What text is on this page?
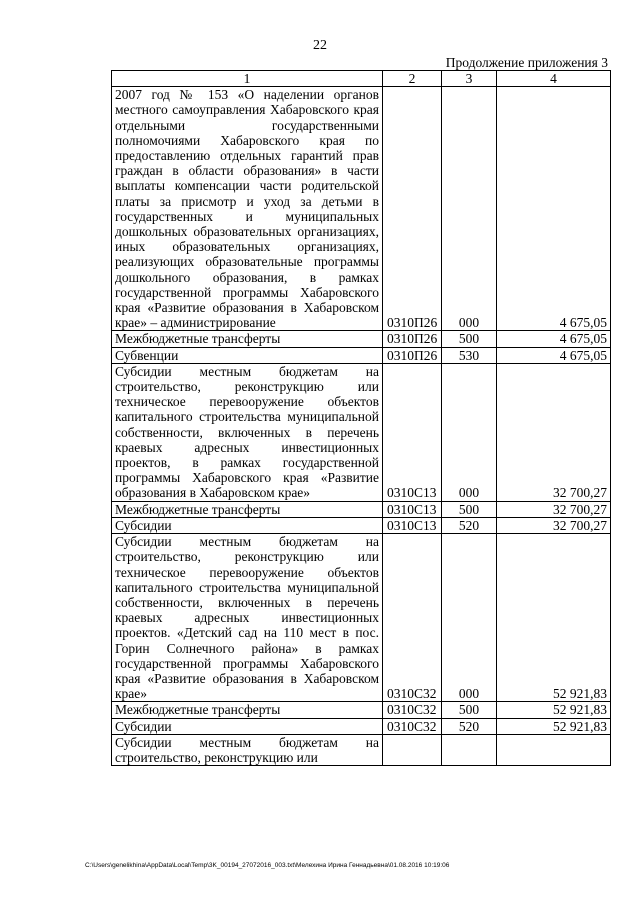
22
Продолжение приложения 3
1	2	3	4
2007 год № 153 «О наделении органов местного самоуправления Хабаровского края отдельными государственными полномочиями Хабаровского края по предоставлению отдельных гарантий прав граждан в области образования» в части выплаты компенсации части родительской платы за присмотр и уход за детьми в государственных и муниципальных дошкольных образовательных организациях, иных образовательных организациях, реализующих образовательные программы дошкольного образования, в рамках государственной программы Хабаровского края «Развитие образования в Хабаровском крае» – администрирование	0310П26	000	4 675,05
Межбюджетные трансферты	0310П26	500	4 675,05
Субвенции	0310П26	530	4 675,05
Субсидии местным бюджетам на строительство, реконструкцию или техническое перевооружение объектов капитального строительства муниципальной собственности, включенных в перечень краевых адресных инвестиционных проектов, в рамках государственной программы Хабаровского края «Развитие образования в Хабаровском крае»	0310С13	000	32 700,27
Межбюджетные трансферты	0310С13	500	32 700,27
Субсидии	0310С13	520	32 700,27
Субсидии местным бюджетам на строительство, реконструкцию или техническое перевооружение объектов капитального строительства муниципальной собственности, включенных в перечень краевых адресных инвестиционных проектов. «Детский сад на 110 мест в пос. Горин Солнечного района» в рамках государственной программы Хабаровского края «Развитие образования в Хабаровском крае»	0310С32	000	52 921,83
Межбюджетные трансферты	0310С32	500	52 921,83
Субсидии	0310С32	520	52 921,83
Субсидии местным бюджетам на строительство, реконструкцию или			
C:\Users\genelikhina\AppData\Local\Temp\3K_00194_27072016_003.txt\Мелехина Ирина Геннадьевна\01.08.2016 10:19:06
